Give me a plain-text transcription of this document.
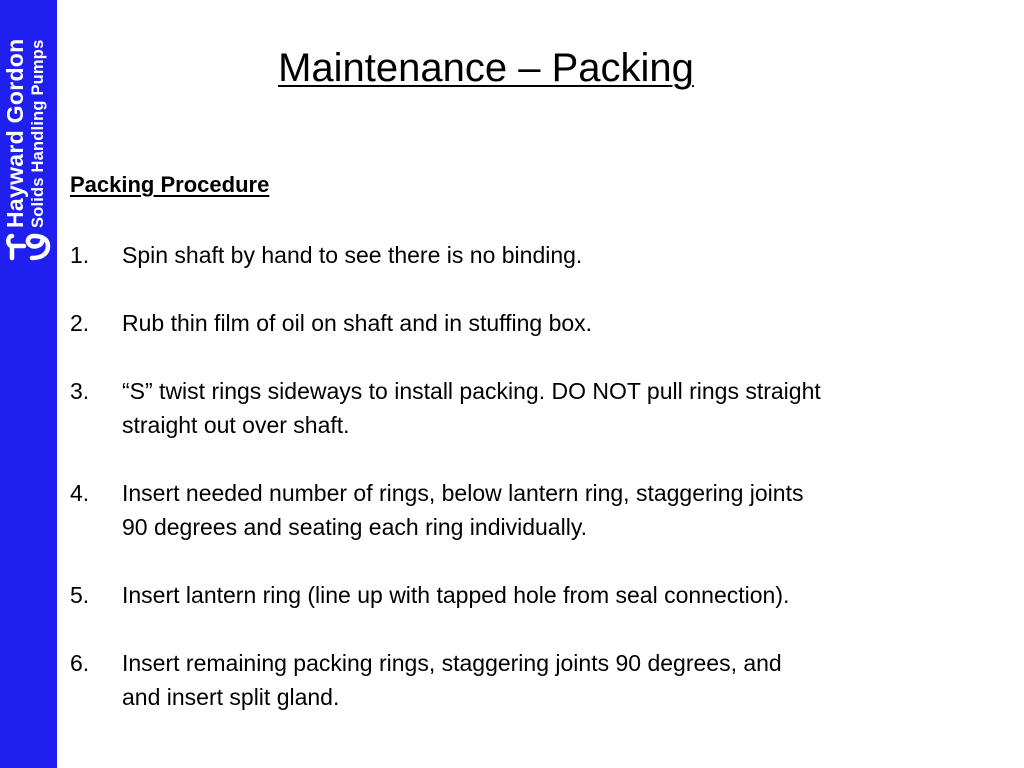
Hayward Gordon Solids Handling Pumps	Maintenance – Packing

Packing Procedure

1.	Spin shaft by hand to see there is no binding.
2.	Rub thin film of oil on shaft and in stuffing box.
3.	“S” twist rings sideways to install packing. DO NOT pull rings straight
straight out over shaft.
4.	Insert needed number of rings, below lantern ring, staggering joints
90 degrees and seating each ring individually.
5.	Insert lantern ring (line up with tapped hole from seal connection).
6.	Insert remaining packing rings, staggering joints 90 degrees, and
and insert split gland.
